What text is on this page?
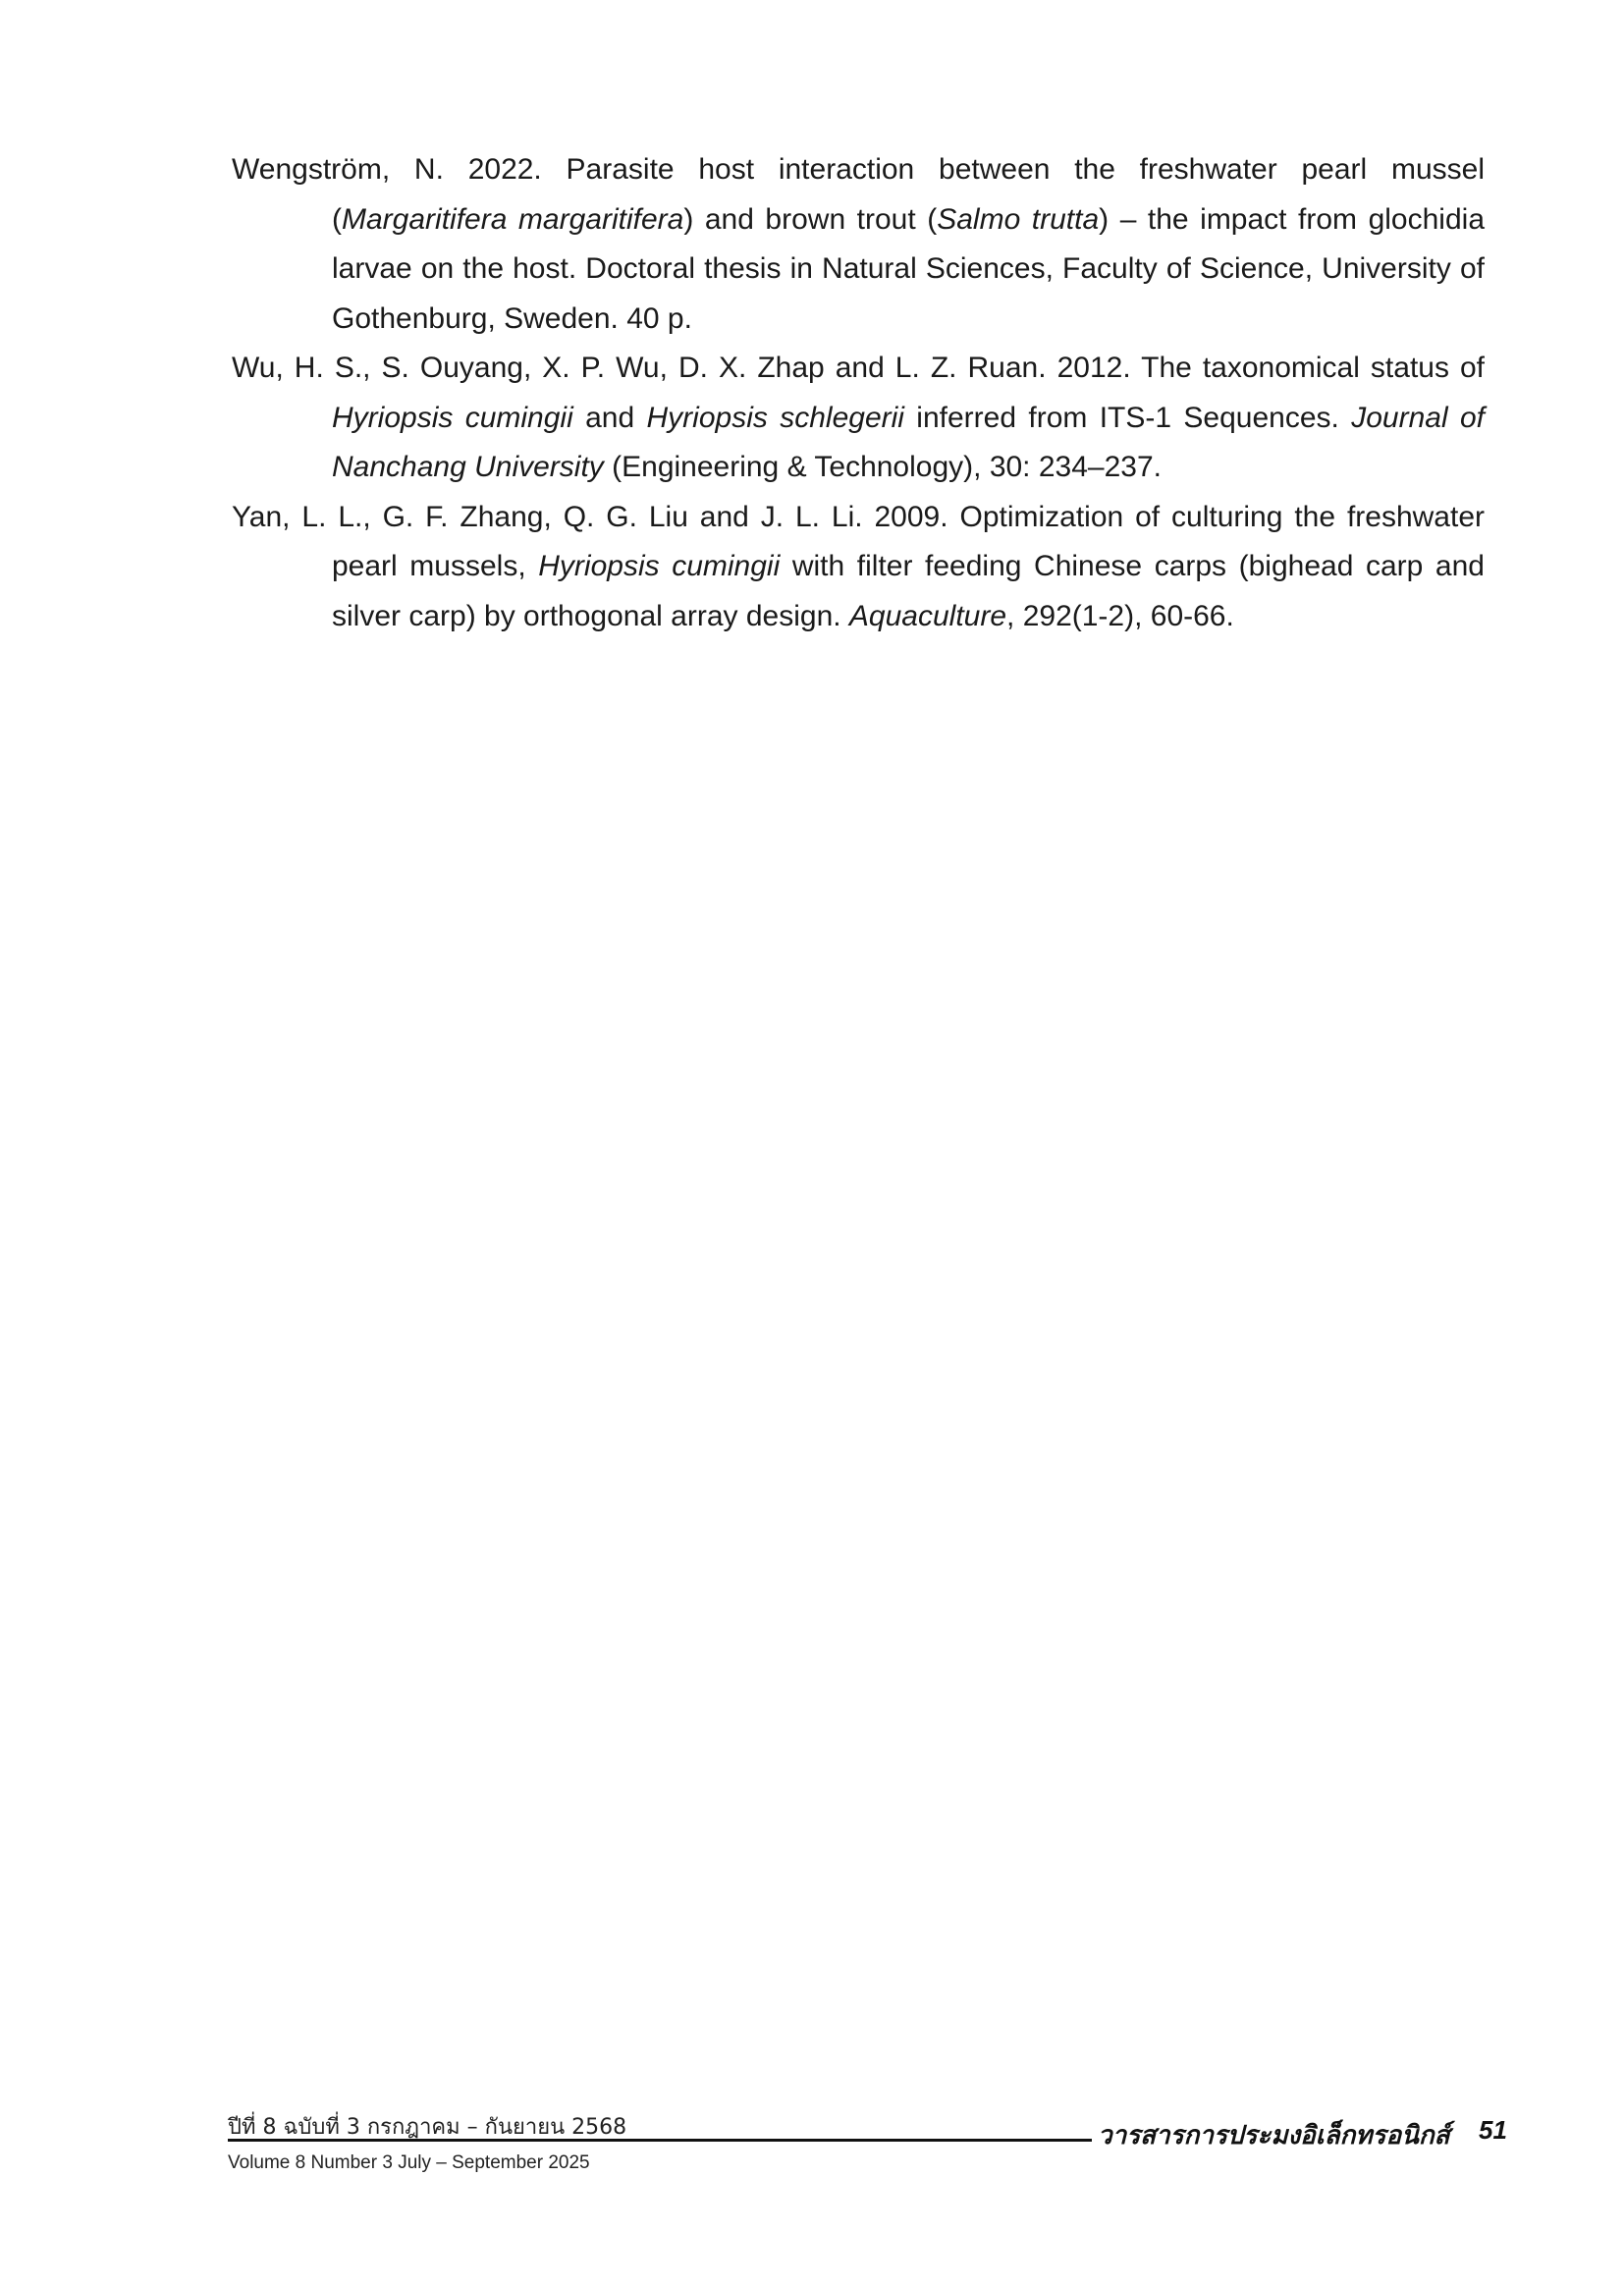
Wengström, N. 2022. Parasite host interaction between the freshwater pearl mussel (Margaritifera margaritifera) and brown trout (Salmo trutta) – the impact from glochidia larvae on the host. Doctoral thesis in Natural Sciences, Faculty of Science, University of Gothenburg, Sweden. 40 p.

Wu, H. S., S. Ouyang, X. P. Wu, D. X. Zhap and L. Z. Ruan. 2012. The taxonomical status of Hyriopsis cumingii and Hyriopsis schlegerii inferred from ITS-1 Sequences. Journal of Nanchang University (Engineering & Technology), 30: 234–237.

Yan, L. L., G. F. Zhang, Q. G. Liu and J. L. Li. 2009. Optimization of culturing the freshwater pearl mussels, Hyriopsis cumingii with filter feeding Chinese carps (bighead carp and silver carp) by orthogonal array design. Aquaculture, 292(1-2), 60-66.

ปีที่ 8 ฉบับที่ 3 กรกฎาคม – กันยายน 2568
Volume 8 Number 3 July – September 2025
วารสารการประมงอิเล็กทรอนิกส์ 51
